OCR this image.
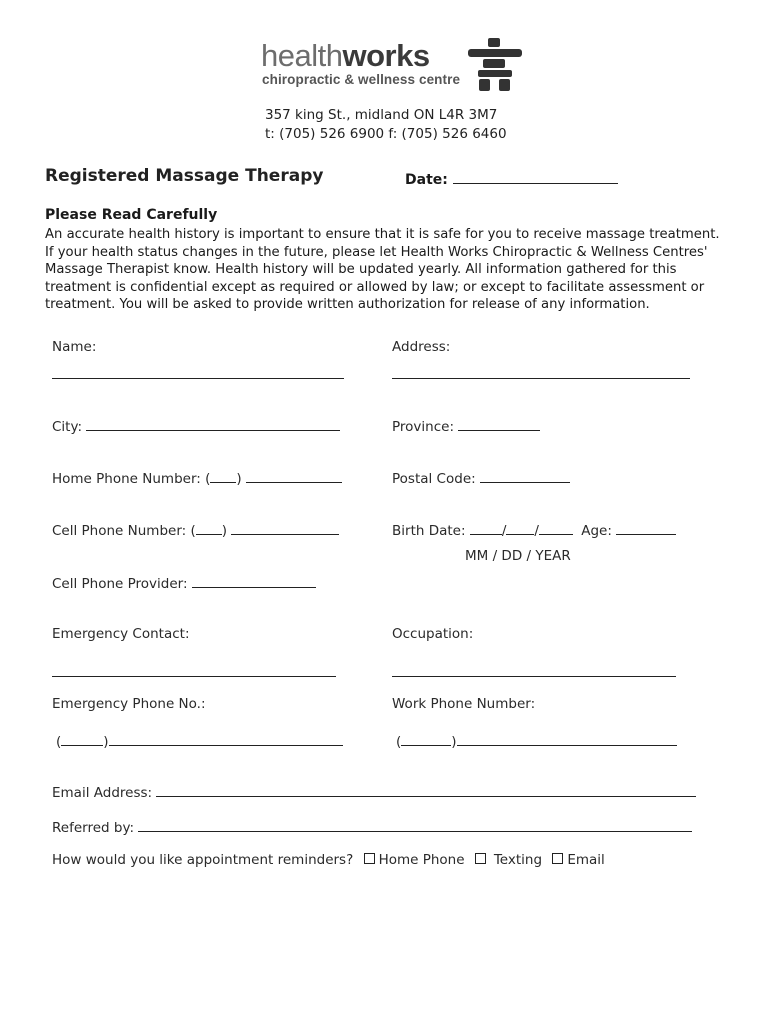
healthworks
chiropractic & wellness centre
357 king St., midland ON L4R 3M7
t: (705) 526 6900 f: (705) 526 6460
Registered Massage Therapy	Date:
Please Read Carefully
An accurate health history is important to ensure that it is safe for you to receive massage treatment.
If your health status changes in the future, please let Health Works Chiropractic & Wellness Centres'
Massage Therapist know. Health history will be updated yearly. All information gathered for this
treatment is confidential except as required or allowed by law; or except to facilitate assessment or
treatment. You will be asked to provide written authorization for release of any information.
Name:	Address:
City:	Province:
Home Phone Number: ( )	Postal Code:
Cell Phone Number: ( )	Birth Date:	/ /	Age:
MM / DD / YEAR
Cell Phone Provider:
Emergency Contact:	Occupation:
Emergency Phone No.:	Work Phone Number:
(	)	(	)
Email Address:
Referred by:
How would you like appointment reminders? Home Phone Texting Email
